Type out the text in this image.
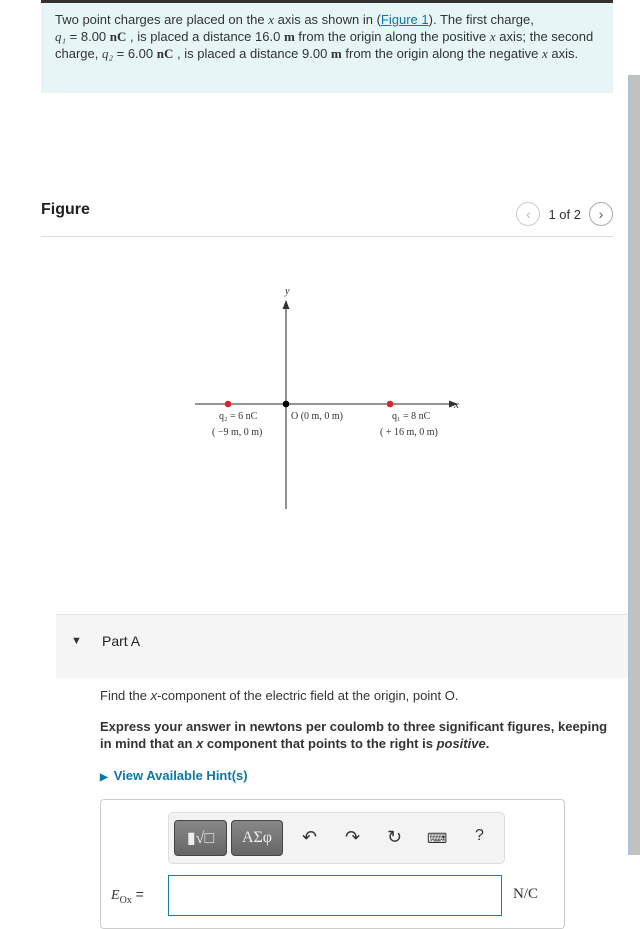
Two point charges are placed on the x axis as shown in (Figure 1). The first charge,
q₁ = 8.00 nC , is placed a distance 16.0 m from the origin along the positive x axis; the second charge, q₂ = 6.00 nC , is placed a distance 9.00 m from the origin along the negative x axis.
Figure	‹	1 of 2	›
y
x
q₂ = 6 nC
( −9 m, 0 m)
O (0 m, 0 m)	q₁ = 8 nC
( + 16 m, 0 m)
▼ Part A
Find the x-component of the electric field at the origin, point O.
Express your answer in newtons per coulomb to three significant figures, keeping in mind that an x component that points to the right is positive.
▶ View Available Hint(s)
▮√□	ΑΣφ	↶ ↷ ↻ ⌨ ?
$E_{Ox}$ =	N/C
